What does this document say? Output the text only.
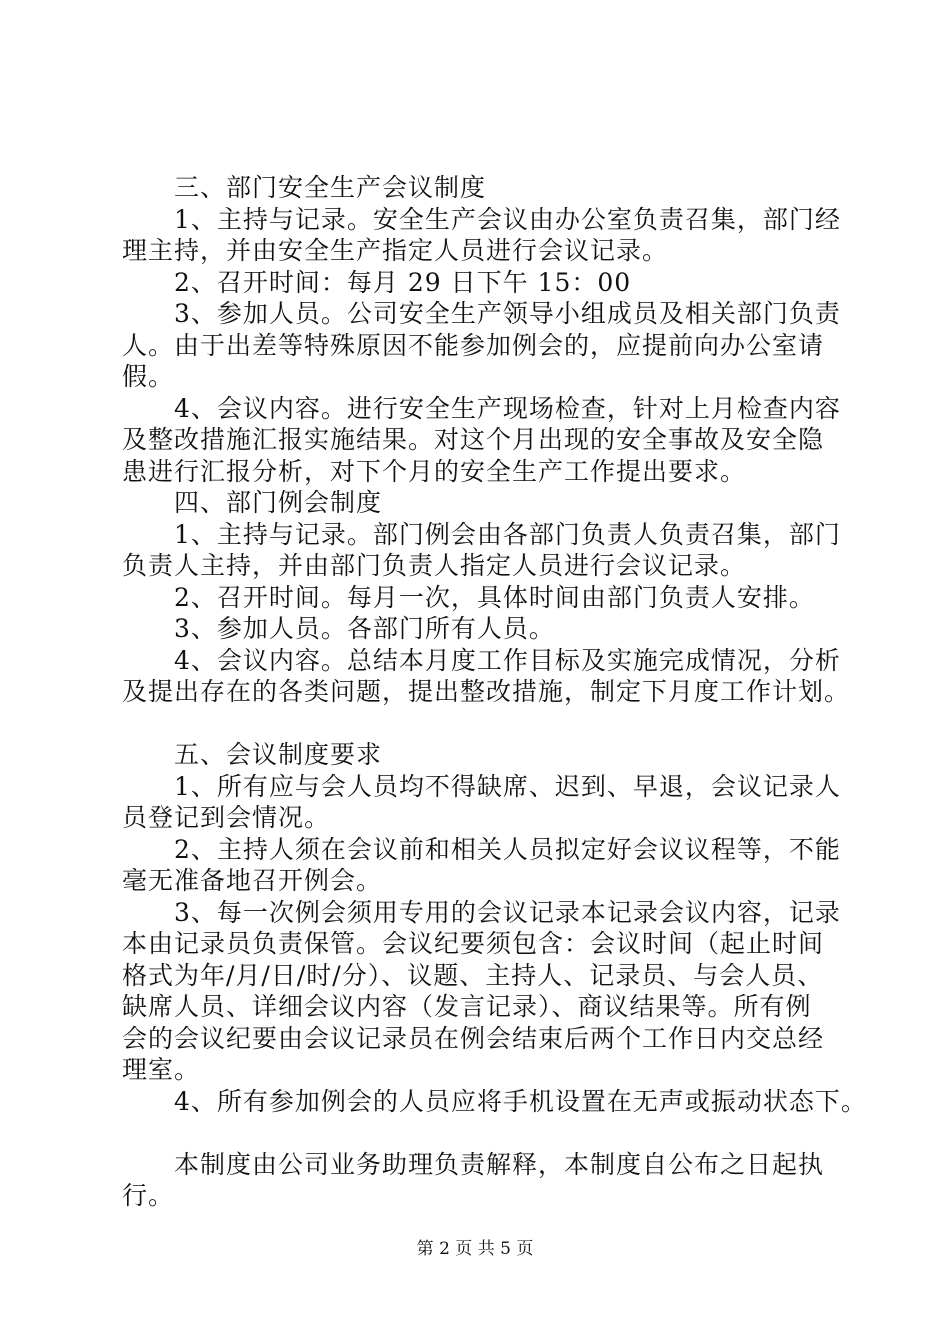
三、部门安全生产会议制度
1、主持与记录。安全生产会议由办公室负责召集，部门经
理主持，并由安全生产指定人员进行会议记录。
2、召开时间：每月 29 日下午 15：00
3、参加人员。公司安全生产领导小组成员及相关部门负责
人。由于出差等特殊原因不能参加例会的，应提前向办公室请
假。
4、会议内容。进行安全生产现场检查，针对上月检查内容
及整改措施汇报实施结果。对这个月出现的安全事故及安全隐
患进行汇报分析，对下个月的安全生产工作提出要求。
四、部门例会制度
1、主持与记录。部门例会由各部门负责人负责召集，部门
负责人主持，并由部门负责人指定人员进行会议记录。
2、召开时间。每月一次，具体时间由部门负责人安排。
3、参加人员。各部门所有人员。
4、会议内容。总结本月度工作目标及实施完成情况，分析
及提出存在的各类问题，提出整改措施，制定下月度工作计划。
五、会议制度要求
1、所有应与会人员均不得缺席、迟到、早退，会议记录人
员登记到会情况。
2、主持人须在会议前和相关人员拟定好会议议程等，不能
毫无准备地召开例会。
3、每一次例会须用专用的会议记录本记录会议内容，记录
本由记录员负责保管。会议纪要须包含：会议时间（起止时间
格式为年/月/日/时/分）、议题、主持人、记录员、与会人员、
缺席人员、详细会议内容（发言记录）、商议结果等。所有例
会的会议纪要由会议记录员在例会结束后两个工作日内交总经
理室。
4、所有参加例会的人员应将手机设置在无声或振动状态下。
本制度由公司业务助理负责解释，本制度自公布之日起执
行。
第 2 页 共 5 页
